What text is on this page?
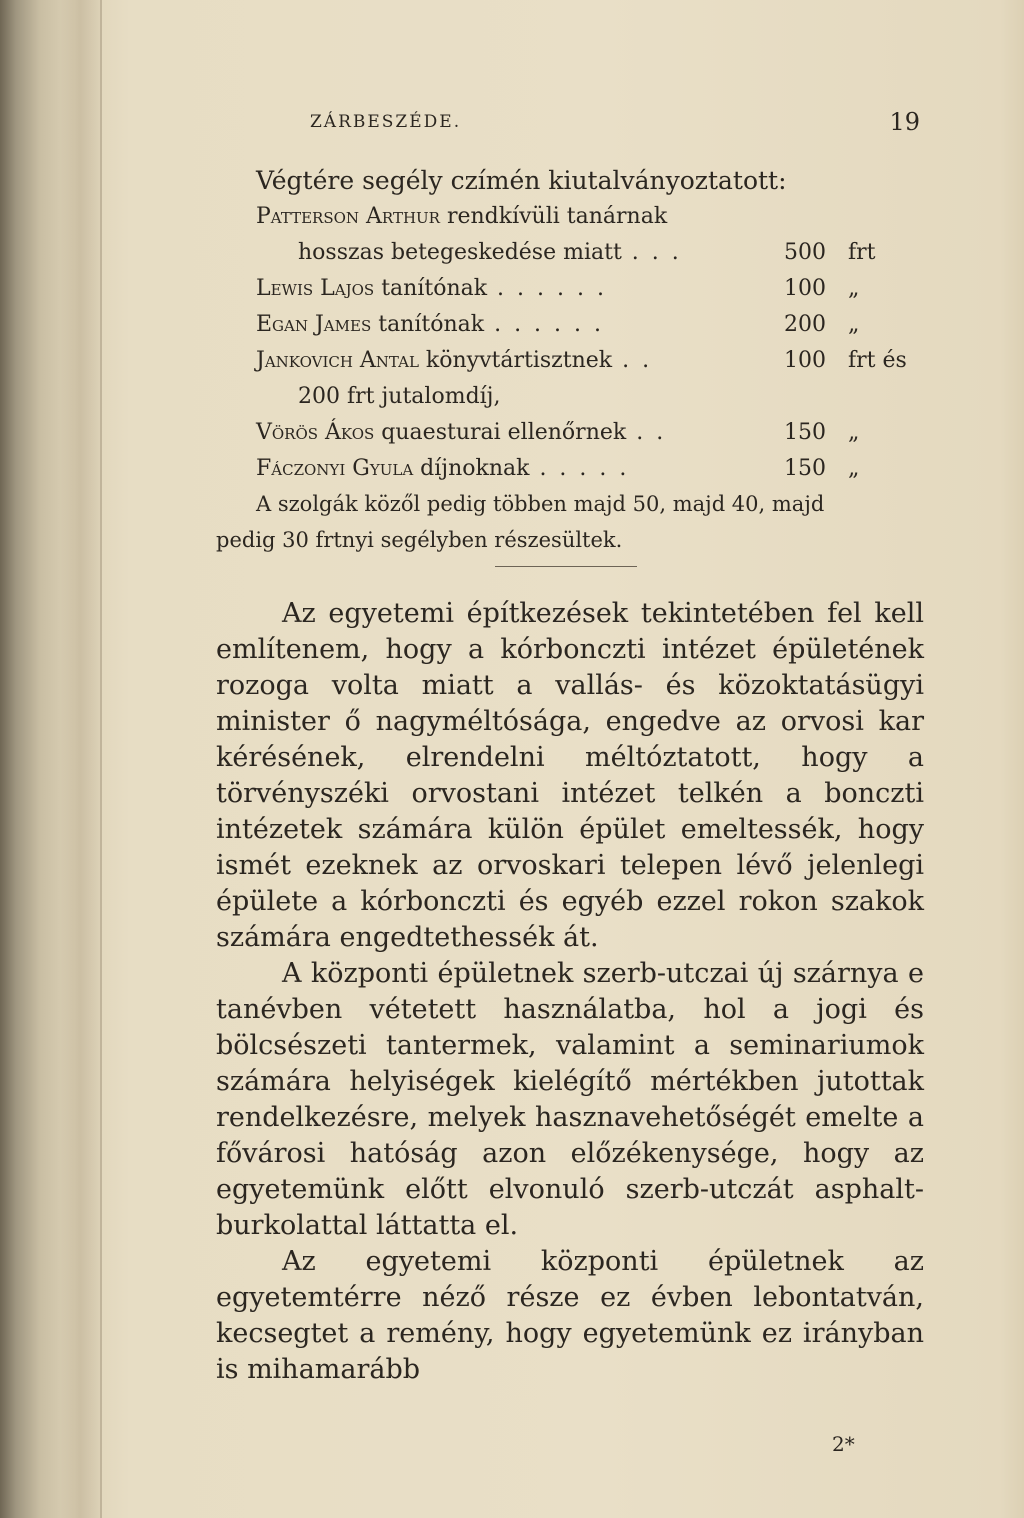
ZÁRBESZÉDE.	19
Végtére segély czímén kiutalványoztatott:
Patterson Arthur rendkívüli tanárnak
hosszas betegeskedése miatt . . .	500 frt
Lewis Lajos tanítónak . . . . . .	100 „
Egan James tanítónak . . . . . .	200 „
Jankovich Antal könyvtártisztnek . .	100 frt és
200 frt jutalomdíj,
Vörös Ákos quaesturai ellenőrnek . .	150 „
Fáczonyi Gyula díjnoknak . . . . .	150 „
A szolgák közől pedig többen majd 50, majd 40, majd
pedig 30 frtnyi segélyben részesültek.

Az egyetemi építkezések tekintetében fel kell említenem, hogy a kórbonczti intézet épületének rozoga volta miatt a vallás- és közoktatásügyi minister ő nagyméltósága, engedve az orvosi kar kérésének, elrendelni méltóztatott, hogy a törvényszéki orvostani intézet telkén a bonczti intézetek számára külön épület emeltessék, hogy ismét ezeknek az orvoskari telepen lévő jelenlegi épülete a kórbonczti és egyéb ezzel rokon szakok számára engedtethessék át.

A központi épületnek szerb-utczai új szárnya e tanévben vétetett használatba, hol a jogi és bölcsészeti tantermek, valamint a seminariumok számára helyiségek kielégítő mértékben jutottak rendelkezésre, melyek hasznavehetőségét emelte a fővárosi hatóság azon előzékenysége, hogy az egyetemünk előtt elvonuló szerb-utczát asphalt-burkolattal láttatta el.

Az egyetemi központi épületnek az egyetemtérre néző része ez évben lebontatván, kecsegtet a remény, hogy egyetemünk ez irányban is mihamarább

2*
